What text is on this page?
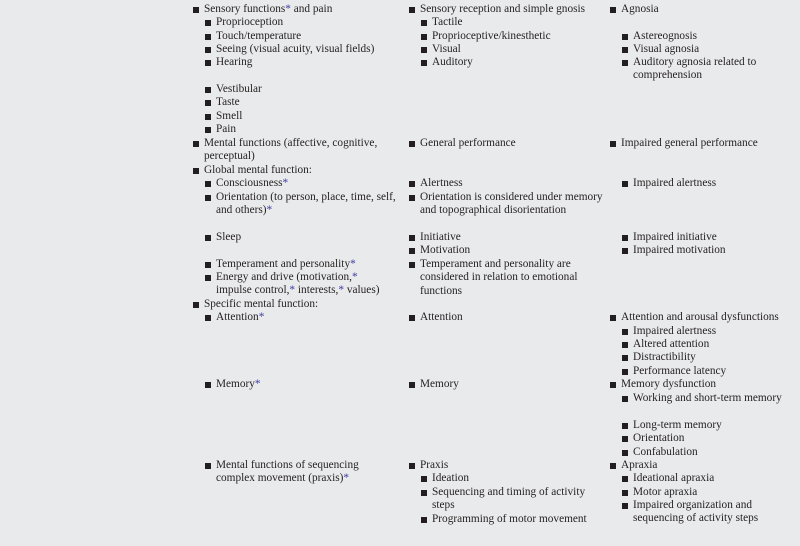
Sensory functions* and pain
Proprioception
Touch/temperature
Seeing (visual acuity, visual fields)
Hearing
Vestibular
Taste
Smell
Pain
Mental functions (affective, cognitive, perceptual)
Global mental function:
Consciousness*
Orientation (to person, place, time, self, and others)*
Sleep
Temperament and personality*
Energy and drive (motivation,* impulse control,* interests,* values)
Specific mental function:
Attention*
Memory*
Mental functions of sequencing complex movement (praxis)*
Sensory reception and simple gnosis
Tactile
Proprioceptive/kinesthetic
Visual
Auditory
General performance
Alertness
Orientation is considered under memory and topographical disorientation
Initiative
Motivation
Temperament and personality are considered in relation to emotional functions
Attention
Memory
Praxis
Ideation
Sequencing and timing of activity steps
Programming of motor movement
Agnosia
Astereognosis
Visual agnosia
Auditory agnosia related to comprehension
Impaired general performance
Impaired alertness
Impaired initiative
Impaired motivation
Attention and arousal dysfunctions
Impaired alertness
Altered attention
Distractibility
Performance latency
Memory dysfunction
Working and short-term memory
Long-term memory
Orientation
Confabulation
Apraxia
Ideational apraxia
Motor apraxia
Impaired organization and sequencing of activity steps
